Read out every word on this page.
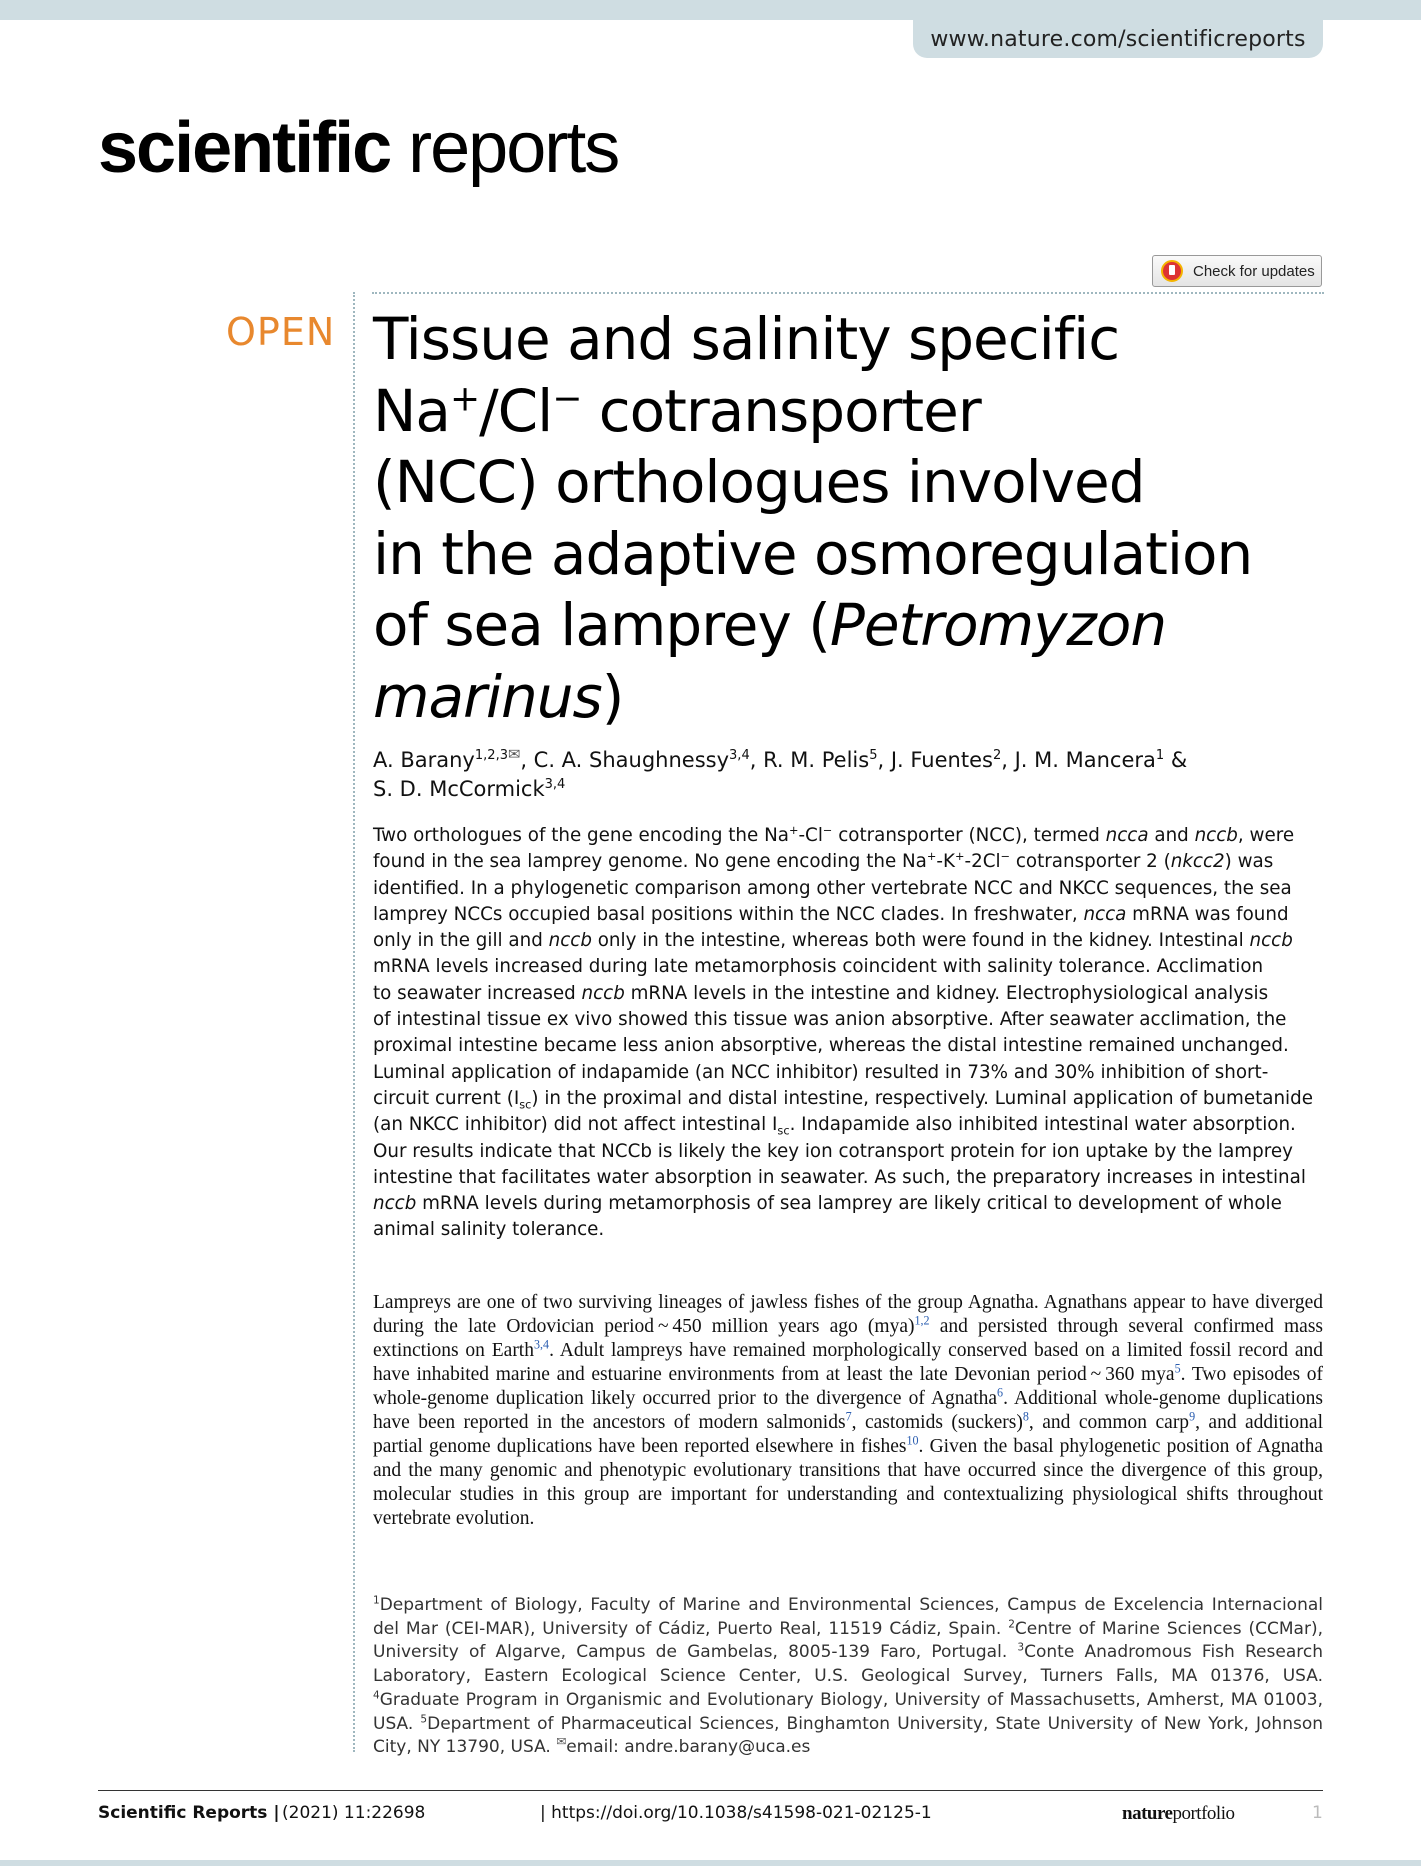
www.nature.com/scientificreports
scientific reports
Check for updates
OPEN Tissue and salinity specific
Na+/Cl− cotransporter
(NCC) orthologues involved
in the adaptive osmoregulation
of sea lamprey (Petromyzon
marinus)
A. Barany$^{1,2,3✉}$, C. A. Shaughnessy$^{3,4}$, R. M. Pelis$^5$, J. Fuentes$^2$, J. M. Mancera$^1$ &
S. D. McCormick$^{3,4}$

Two orthologues of the gene encoding the Na+-Cl− cotransporter (NCC), termed ncca and nccb, were
found in the sea lamprey genome. No gene encoding the Na+-K+-2Cl− cotransporter 2 (nkcc2) was
identified. In a phylogenetic comparison among other vertebrate NCC and NKCC sequences, the sea
lamprey NCCs occupied basal positions within the NCC clades. In freshwater, ncca mRNA was found
only in the gill and nccb only in the intestine, whereas both were found in the kidney. Intestinal nccb
mRNA levels increased during late metamorphosis coincident with salinity tolerance. Acclimation
to seawater increased nccb mRNA levels in the intestine and kidney. Electrophysiological analysis
of intestinal tissue ex vivo showed this tissue was anion absorptive. After seawater acclimation, the
proximal intestine became less anion absorptive, whereas the distal intestine remained unchanged.
Luminal application of indapamide (an NCC inhibitor) resulted in 73% and 30% inhibition of short-
circuit current $(I_{sc})$ in the proximal and distal intestine, respectively. Luminal application of bumetanide
(an NKCC inhibitor) did not affect intestinal $I_{sc}$. Indapamide also inhibited intestinal water absorption.
Our results indicate that NCCb is likely the key ion cotransport protein for ion uptake by the lamprey
intestine that facilitates water absorption in seawater. As such, the preparatory increases in intestinal
nccb mRNA levels during metamorphosis of sea lamprey are likely critical to development of whole
animal salinity tolerance.

Lampreys are one of two surviving lineages of jawless fishes of the group Agnatha. Agnathans appear to have diverged during the late Ordovician period ~ 450 million years ago (mya)$^{1,2}$ and persisted through several confirmed mass extinctions on Earth$^{3,4}$. Adult lampreys have remained morphologically conserved based on a limited fossil record and have inhabited marine and estuarine environments from at least the late Devonian period ~ 360 mya$^5$. Two episodes of whole-genome duplication likely occurred prior to the divergence of Agnatha$^6$. Additional whole-genome duplications have been reported in the ancestors of modern salmonids$^7$, castomids (suckers)$^8$, and common carp$^9$, and additional partial genome duplications have been reported elsewhere in fishes$^{10}$. Given the basal phylogenetic position of Agnatha and the many genomic and phenotypic evolutionary transitions that have occurred since the divergence of this group, molecular studies in this group are important for understanding and contextualizing physiological shifts throughout vertebrate evolution.

$^1$Department of Biology, Faculty of Marine and Environmental Sciences, Campus de Excelencia Internacional del Mar (CEI-MAR), University of Cádiz, Puerto Real, 11519 Cádiz, Spain. $^2$Centre of Marine Sciences (CCMar), University of Algarve, Campus de Gambelas, 8005-139 Faro, Portugal. $^3$Conte Anadromous Fish Research Laboratory, Eastern Ecological Science Center, U.S. Geological Survey, Turners Falls, MA 01376, USA. $^4$Graduate Program in Organismic and Evolutionary Biology, University of Massachusetts, Amherst, MA 01003, USA. $^5$Department of Pharmaceutical Sciences, Binghamton University, State University of New York, Johnson City, NY 13790, USA. ✉email: andre.barany@uca.es

Scientific Reports | (2021) 11:22698	| https://doi.org/10.1038/s41598-021-02125-1	natureportfolio	1
